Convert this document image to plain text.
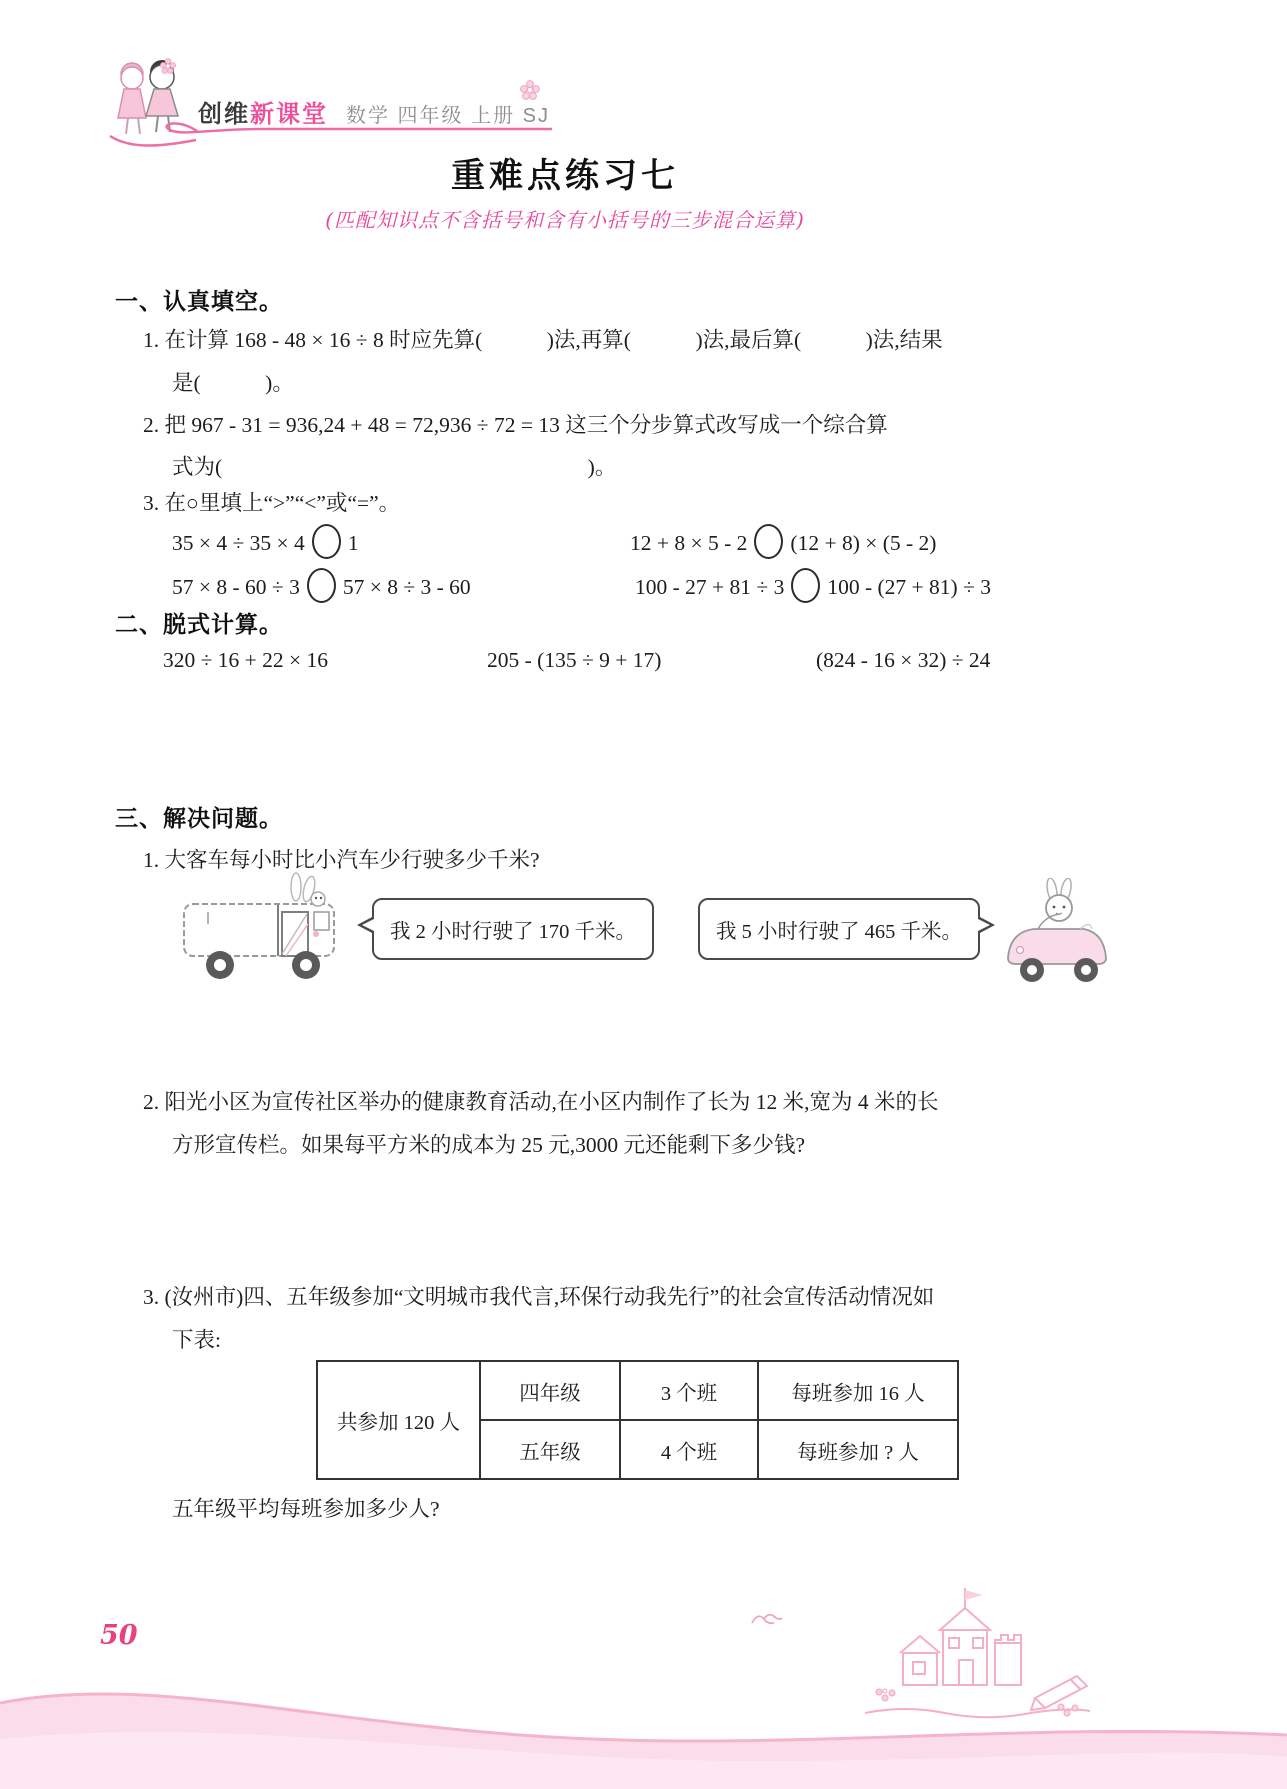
创维 新课堂 数学 四年级 上册 SJ
重难点练习七
(匹配知识点不含括号和含有小括号的三步混合运算)
一、认真填空。
1. 在计算 168 - 48 × 16 ÷ 8 时应先算(　　　)法,再算(　　　)法,最后算(　　　)法,结果
是(　　　)。
2. 把 967 - 31 = 936,24 + 48 = 72,936 ÷ 72 = 13 这三个分步算式改写成一个综合算
式为(　　　　　　　　　　　　　　　　　)。
3. 在○里填上“>”“<”或“=”。
35 × 4 ÷ 35 × 4 1	12 + 8 × 5 - 2 (12 + 8) × (5 - 2)
57 × 8 - 60 ÷ 3 57 × 8 ÷ 3 - 60	100 - 27 + 81 ÷ 3 100 - (27 + 81) ÷ 3
二、脱式计算。
320 ÷ 16 + 22 × 16	205 - (135 ÷ 9 + 17)	(824 - 16 × 32) ÷ 24
三、解决问题。
1. 大客车每小时比小汽车少行驶多少千米?
我 2 小时行驶了 170 千米。	我 5 小时行驶了 465 千米。
2. 阳光小区为宣传社区举办的健康教育活动,在小区内制作了长为 12 米,宽为 4 米的长
方形宣传栏。如果每平方米的成本为 25 元,3000 元还能剩下多少钱?
3. (汝州市)四、五年级参加“文明城市我代言,环保行动我先行”的社会宣传活动情况如
下表:
共参加 120 人	四年级	3 个班	每班参加 16 人
	五年级	4 个班	每班参加 ? 人
五年级平均每班参加多少人?
50
